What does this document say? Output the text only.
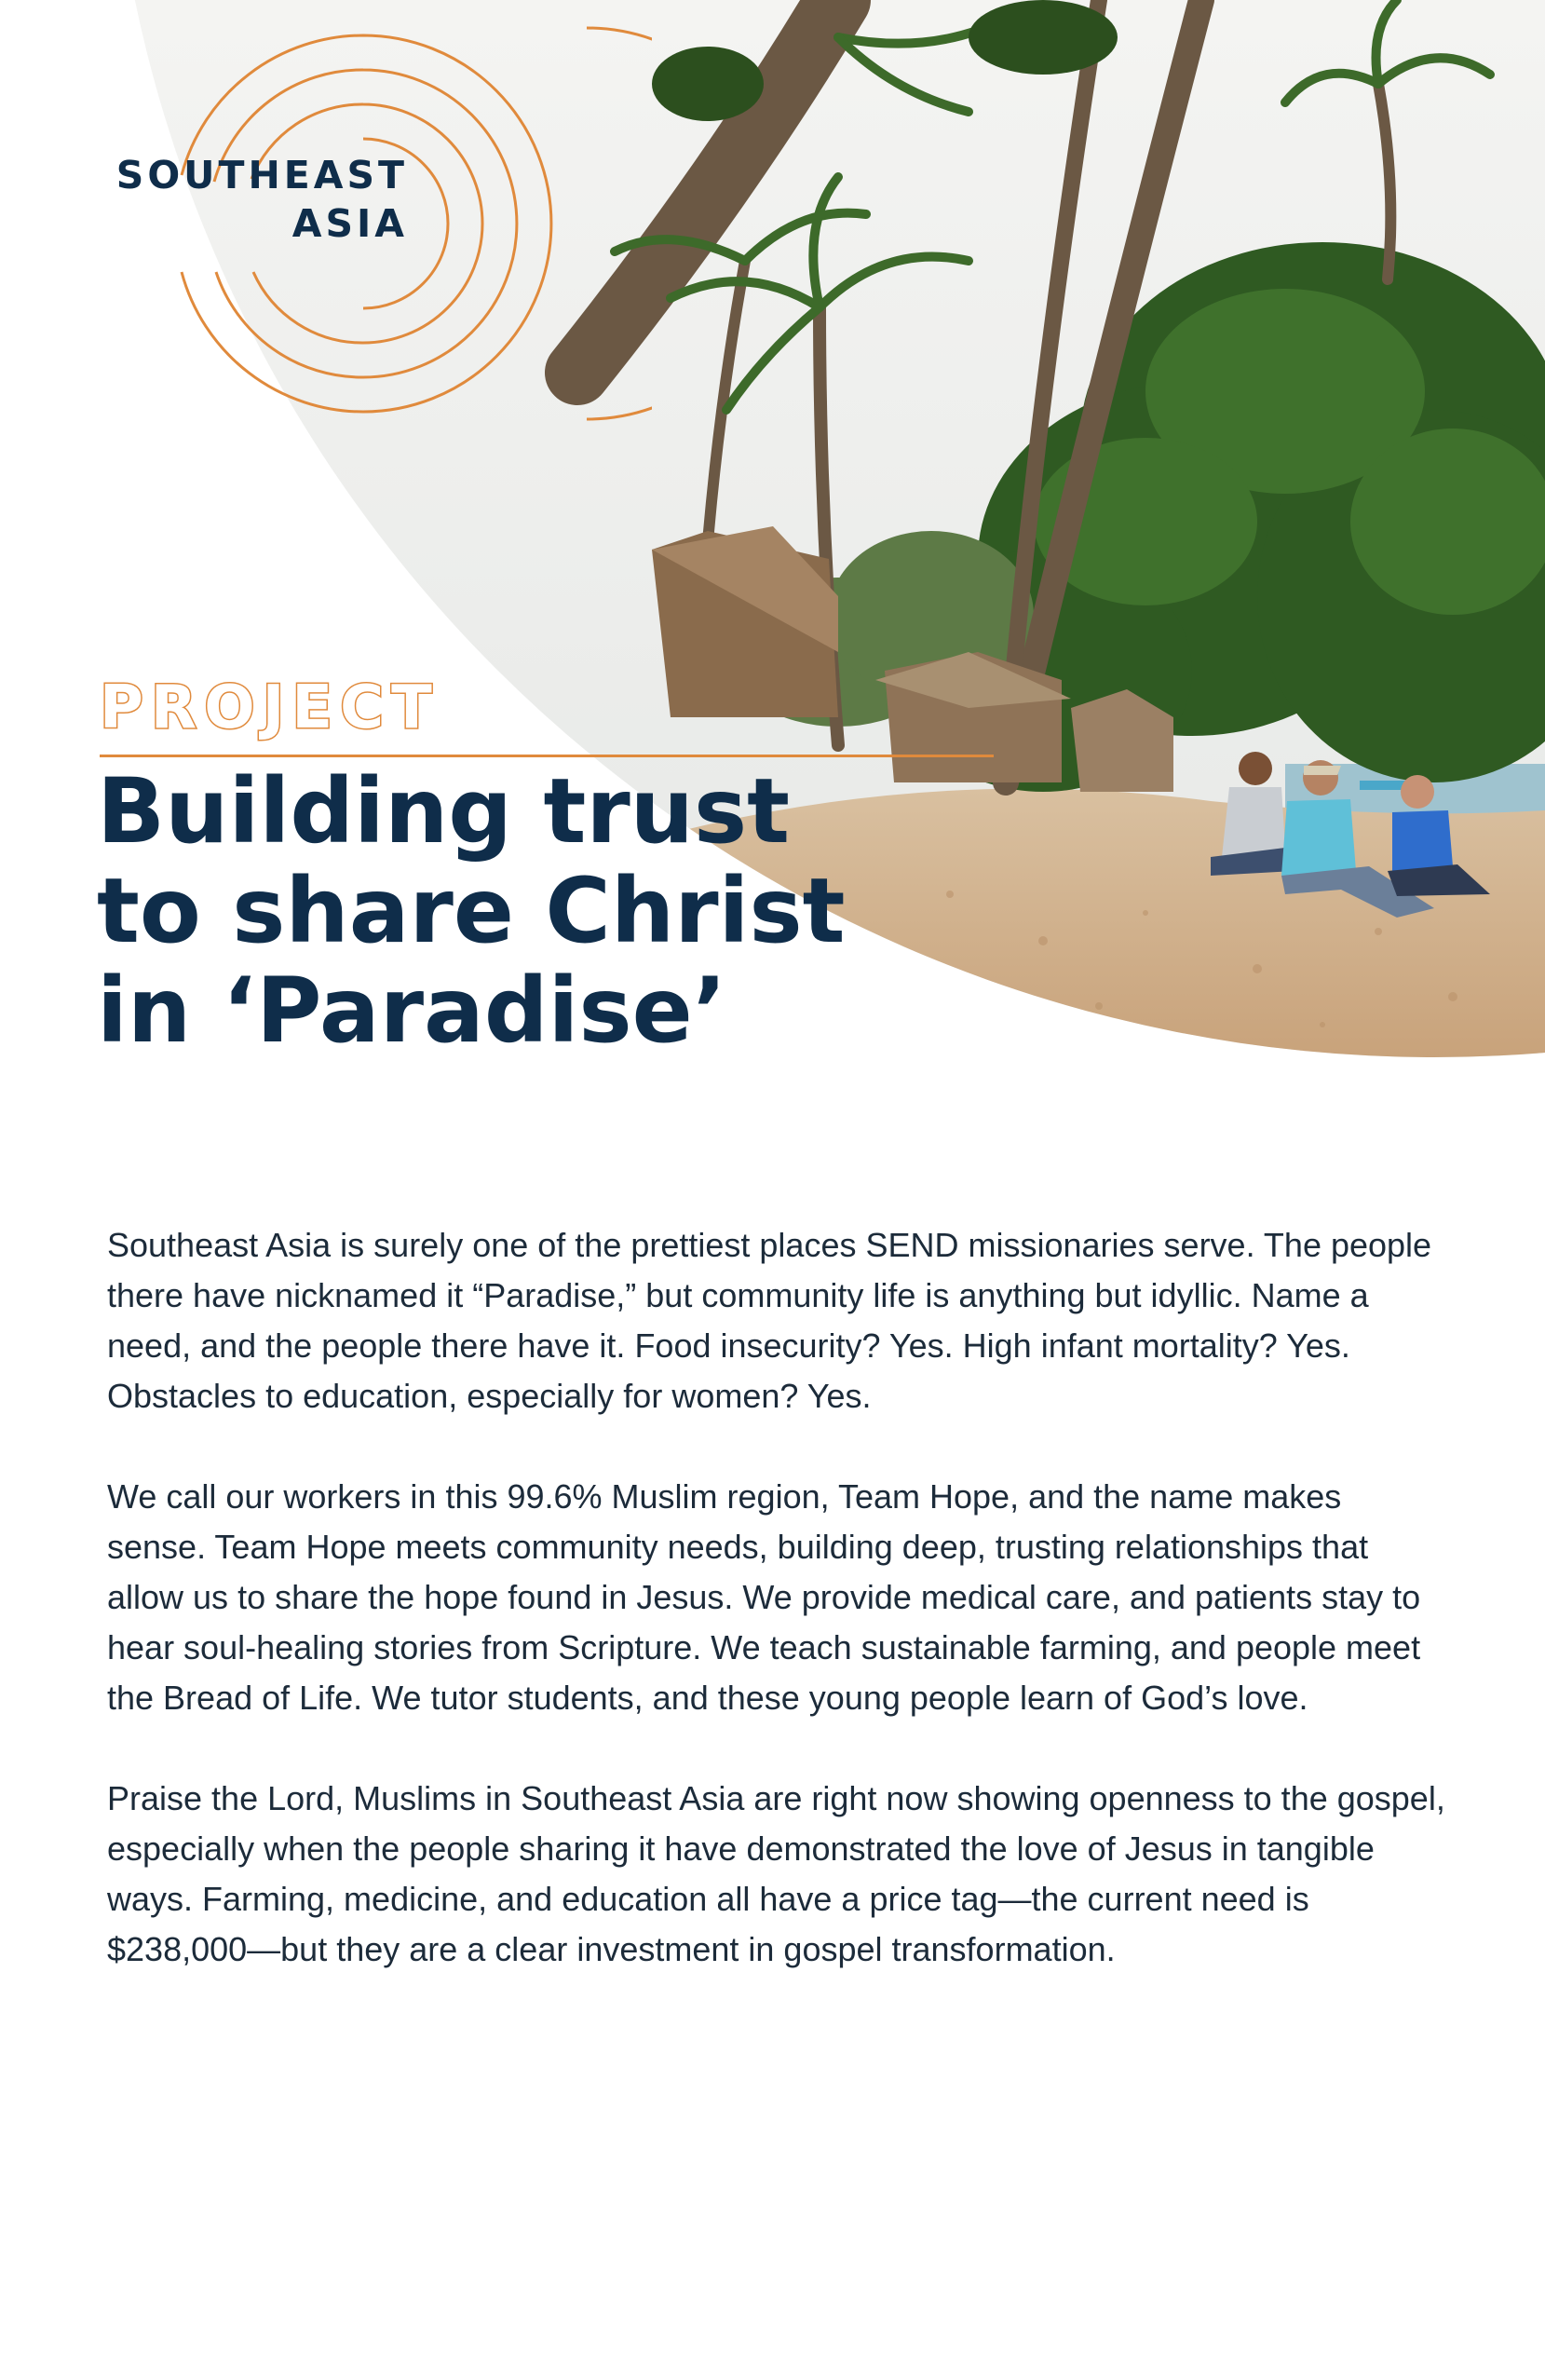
SOUTHEAST
ASIA
PROJECT
Building trust
to share Christ
in ‘Paradise’

Southeast Asia is surely one of the prettiest places SEND missionaries serve. The people there have nicknamed it “Paradise,” but community life is anything but idyllic. Name a need, and the people there have it. Food insecurity? Yes. High infant mortality? Yes. Obstacles to education, especially for women? Yes.

We call our workers in this 99.6% Muslim region, Team Hope, and the name makes sense. Team Hope meets community needs, building deep, trusting relationships that allow us to share the hope found in Jesus. We provide medical care, and patients stay to hear soul-healing stories from Scripture. We teach sustainable farming, and people meet the Bread of Life. We tutor students, and these young people learn of God’s love.

Praise the Lord, Muslims in Southeast Asia are right now showing openness to the gospel, especially when the people sharing it have demonstrated the love of Jesus in tangible ways. Farming, medicine, and education all have a price tag—the current need is $238,000—but they are a clear investment in gospel transformation.
